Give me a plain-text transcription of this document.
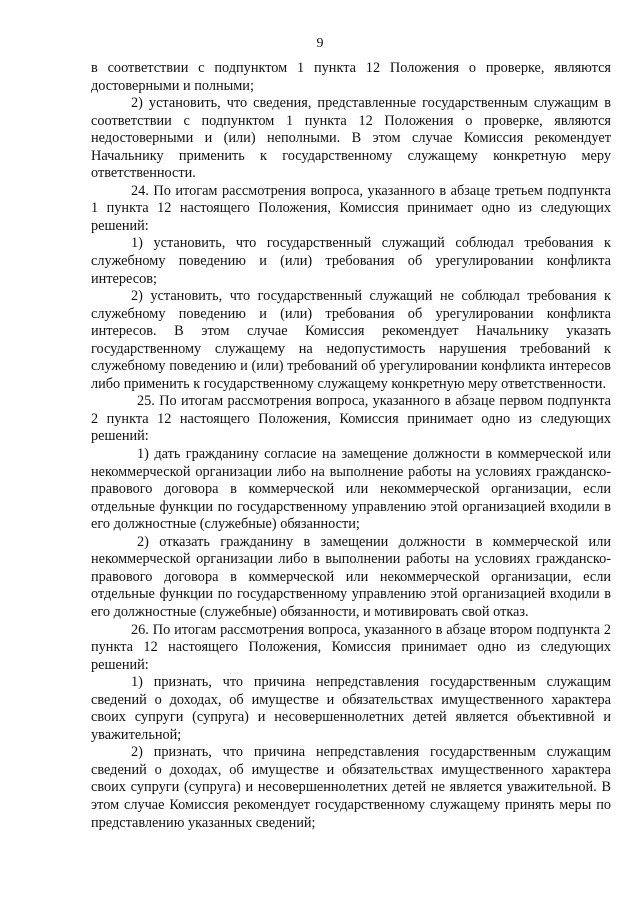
9

в соответствии с подпунктом 1 пункта 12 Положения о проверке, являются достоверными и полными;

2) установить, что сведения, представленные государственным служащим в соответствии с подпунктом 1 пункта 12 Положения о проверке, являются недостоверными и (или) неполными. В этом случае Комиссия рекомендует Начальнику применить к государственному служащему конкретную меру ответственности.

24. По итогам рассмотрения вопроса, указанного в абзаце третьем подпункта 1 пункта 12 настоящего Положения, Комиссия принимает одно из следующих решений:

1) установить, что государственный служащий соблюдал требования к служебному поведению и (или) требования об урегулировании конфликта интересов;

2) установить, что государственный служащий не соблюдал требования к служебному поведению и (или) требования об урегулировании конфликта интересов. В этом случае Комиссия рекомендует Начальнику указать государственному служащему на недопустимость нарушения требований к служебному поведению и (или) требований об урегулировании конфликта интересов либо применить к государственному служащему конкретную меру ответственности.

25. По итогам рассмотрения вопроса, указанного в абзаце первом подпункта 2 пункта 12 настоящего Положения, Комиссия принимает одно из следующих решений:

1) дать гражданину согласие на замещение должности в коммерческой или некоммерческой организации либо на выполнение работы на условиях гражданско-правового договора в коммерческой или некоммерческой организации, если отдельные функции по государственному управлению этой организацией входили в его должностные (служебные) обязанности;

2) отказать гражданину в замещении должности в коммерческой или некоммерческой организации либо в выполнении работы на условиях гражданско-правового договора в коммерческой или некоммерческой организации, если отдельные функции по государственному управлению этой организацией входили в его должностные (служебные) обязанности, и мотивировать свой отказ.

26. По итогам рассмотрения вопроса, указанного в абзаце втором подпункта 2 пункта 12 настоящего Положения, Комиссия принимает одно из следующих решений:

1) признать, что причина непредставления государственным служащим сведений о доходах, об имуществе и обязательствах имущественного характера своих супруги (супруга) и несовершеннолетних детей является объективной и уважительной;

2) признать, что причина непредставления государственным служащим сведений о доходах, об имуществе и обязательствах имущественного характера своих супруги (супруга) и несовершеннолетних детей не является уважительной. В этом случае Комиссия рекомендует государственному служащему принять меры по представлению указанных сведений;
